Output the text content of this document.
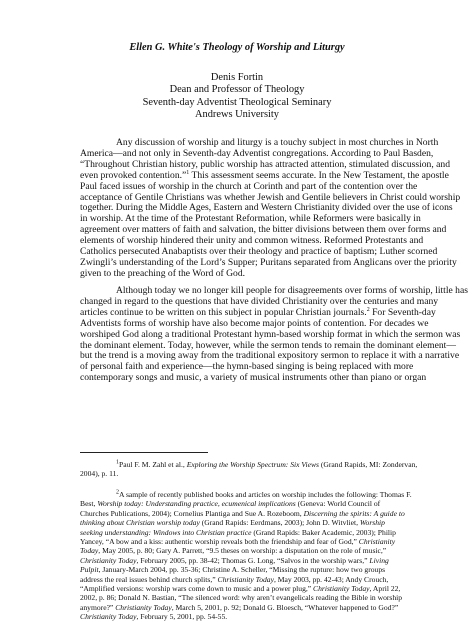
Ellen G. White's Theology of Worship and Liturgy
Denis Fortin
Dean and Professor of Theology
Seventh-day Adventist Theological Seminary
Andrews University
Any discussion of worship and liturgy is a touchy subject in most churches in North
America—and not only in Seventh-day Adventist congregations. According to Paul Basden,
“Throughout Christian history, public worship has attracted attention, stimulated discussion, and
even provoked contention.”$^1$ This assessment seems accurate. In the New Testament, the apostle
Paul faced issues of worship in the church at Corinth and part of the contention over the
acceptance of Gentile Christians was whether Jewish and Gentile believers in Christ could worship
together. During the Middle Ages, Eastern and Western Christianity divided over the use of icons
in worship. At the time of the Protestant Reformation, while Reformers were basically in
agreement over matters of faith and salvation, the bitter divisions between them over forms and
elements of worship hindered their unity and common witness. Reformed Protestants and
Catholics persecuted Anabaptists over their theology and practice of baptism; Luther scorned
Zwingli’s understanding of the Lord’s Supper; Puritans separated from Anglicans over the priority
given to the preaching of the Word of God.
Although today we no longer kill people for disagreements over forms of worship, little has
changed in regard to the questions that have divided Christianity over the centuries and many
articles continue to be written on this subject in popular Christian journals.$^2$ For Seventh-day
Adventists forms of worship have also become major points of contention. For decades we
worshiped God along a traditional Protestant hymn-based worship format in which the sermon was
the dominant element. Today, however, while the sermon tends to remain the dominant element—
but the trend is a moving away from the traditional expository sermon to replace it with a narrative
of personal faith and experience—the hymn-based singing is being replaced with more
contemporary songs and music, a variety of musical instruments other than piano or organ
$^1$Paul F. M. Zahl et al., Exploring the Worship Spectrum: Six Views (Grand Rapids, MI: Zondervan,
2004), p. 11.
$^2$A sample of recently published books and articles on worship includes the following: Thomas F.
Best, Worship today: Understanding practice, ecumenical implications (Geneva: World Council of
Churches Publications, 2004); Cornelius Plantiga and Sue A. Rozeboom, Discerning the spirits: A guide to
thinking about Christian worship today (Grand Rapids: Eerdmans, 2003); John D. Witvliet, Worship
seeking understanding: Windows into Christian practice (Grand Rapids: Baker Academic, 2003); Philip
Yancey, “A bow and a kiss: authentic worship reveals both the friendship and fear of God,” Christianity
Today, May 2005, p. 80; Gary A. Parrett, “9.5 theses on worship: a disputation on the role of music,”
Christianity Today, February 2005, pp. 38-42; Thomas G. Long, “Salvos in the worship wars,” Living
Pulpit, January-March 2004, pp. 35-36; Christine A. Scheller, “Missing the rupture: how two groups
address the real issues behind church splits,” Christianity Today, May 2003, pp. 42-43; Andy Crouch,
“Amplified versions: worship wars come down to music and a power plug,” Christianity Today, April 22,
2002, p. 86; Donald N. Bastian, “The silenced word: why aren’t evangelicals reading the Bible in worship
anymore?” Christianity Today, March 5, 2001, p. 92; Donald G. Bloesch, “Whatever happened to God?”
Christianity Today, February 5, 2001, pp. 54-55.
